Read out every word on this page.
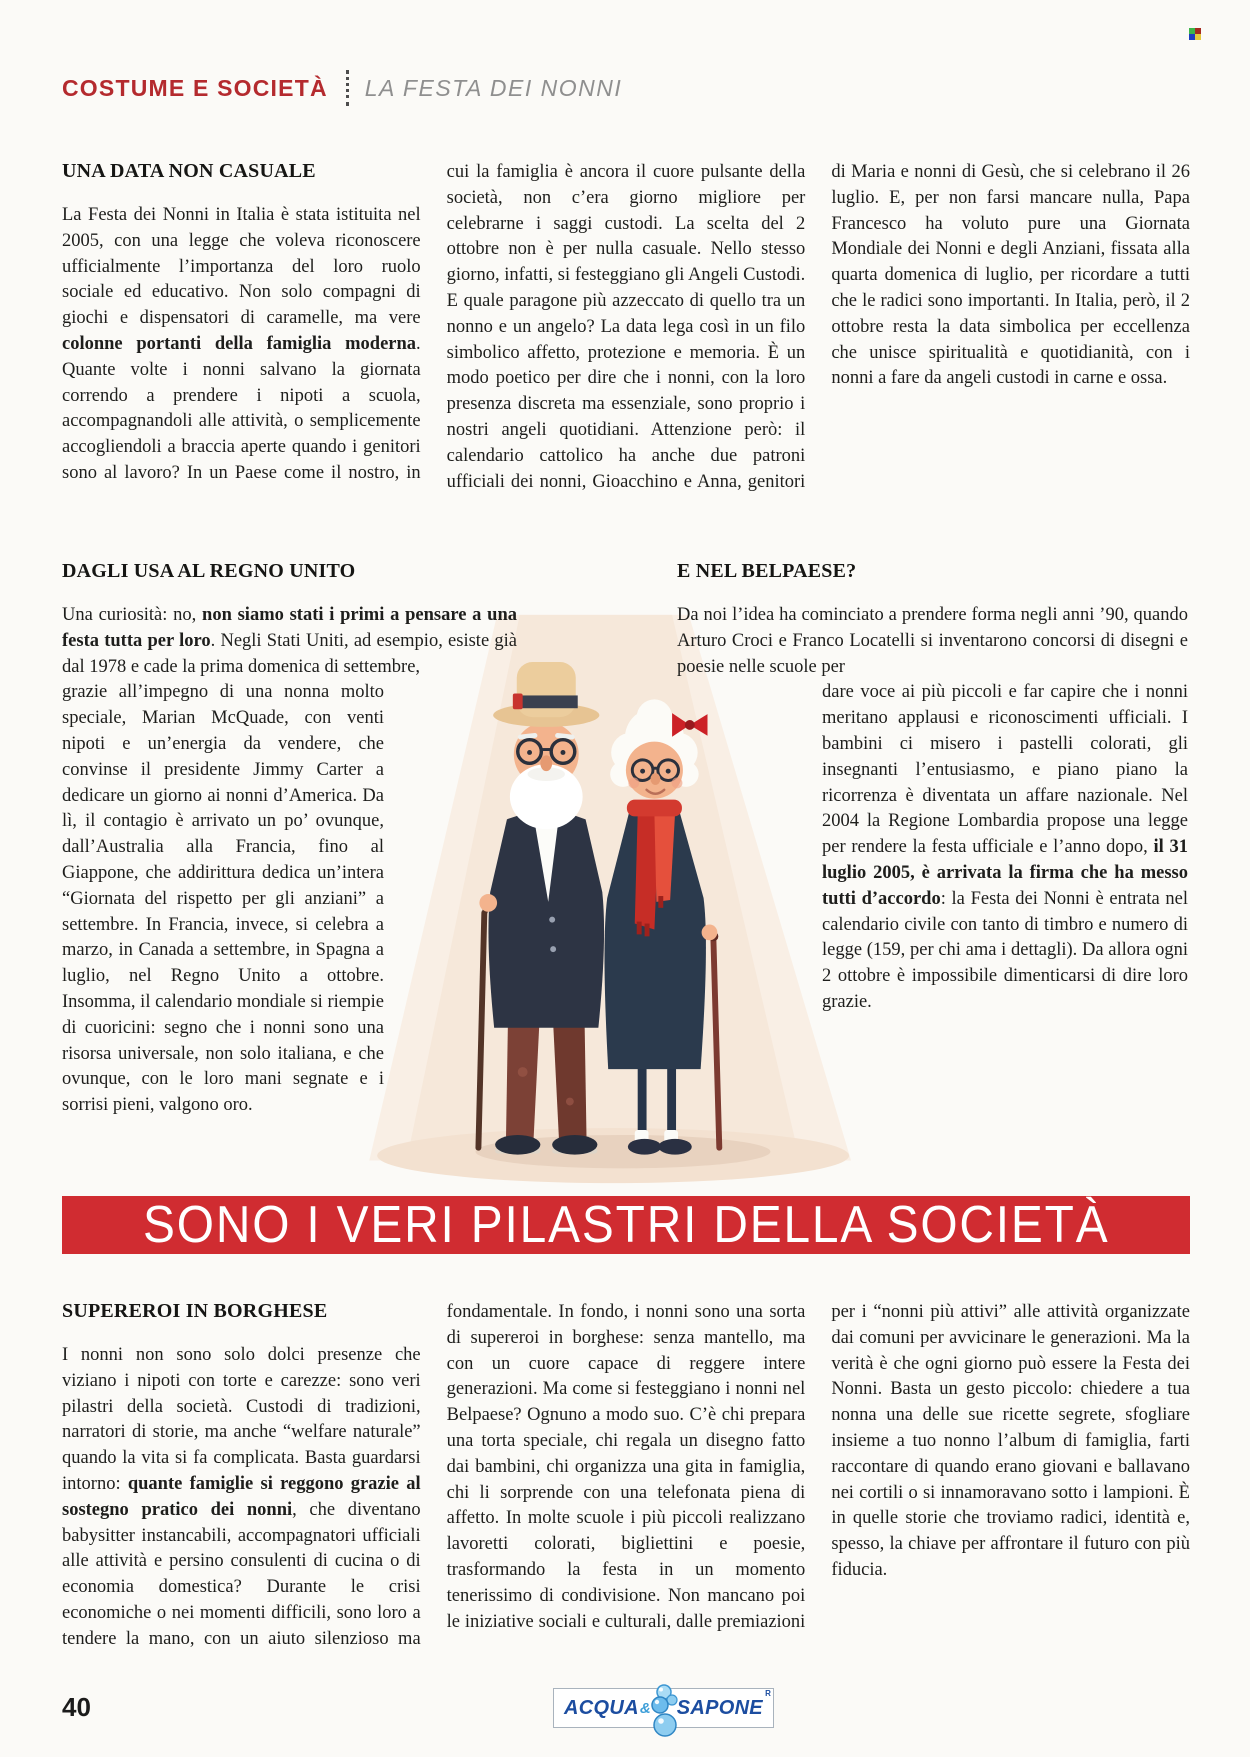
COSTUME E SOCIETÀ LA FESTA DEI NONNI
UNA DATA NON CASUALE

La Festa dei Nonni in Italia è stata istituita nel 2005, con una legge che voleva riconoscere ufficialmente l’importanza del loro ruolo sociale ed educativo. Non solo compagni di giochi e dispensatori di caramelle, ma vere colonne portanti della famiglia moderna. Quante volte i nonni salvano la giornata correndo a prendere i nipoti a scuola, accompagnandoli alle attività, o semplicemente accogliendoli a braccia aperte quando i genitori sono al lavoro? In un Paese come il nostro, in cui la famiglia è ancora il cuore pulsante della società, non c’era giorno migliore per celebrarne i saggi custodi. La scelta del 2 ottobre non è per nulla casuale. Nello stesso giorno, infatti, si festeggiano gli Angeli Custodi. E quale paragone più azzeccato di quello tra un nonno e un angelo? La data lega così in un filo simbolico affetto, protezione e memoria. È un modo poetico per dire che i nonni, con la loro presenza discreta ma essenziale, sono proprio i nostri angeli quotidiani. Attenzione però: il calendario cattolico ha anche due patroni ufficiali dei nonni, Gioacchino e Anna, genitori di Maria e nonni di Gesù, che si celebrano il 26 luglio. E, per non farsi mancare nulla, Papa Francesco ha voluto pure una Giornata Mondiale dei Nonni e degli Anziani, fissata alla quarta domenica di luglio, per ricordare a tutti che le radici sono importanti. In Italia, però, il 2 ottobre resta la data simbolica per eccellenza che unisce spiritualità e quotidianità, con i nonni a fare da angeli custodi in carne e ossa.

DAGLI USA AL REGNO UNITO

Una curiosità: no, non siamo stati i primi a pensare a una festa tutta per loro. Negli Stati Uniti, ad esempio, esiste già dal 1978 e cade la prima domenica di settembre,

grazie all’impegno di una nonna molto speciale, Marian McQuade, con venti nipoti e un’energia da vendere, che convinse il presidente Jimmy Carter a dedicare un giorno ai nonni d’America. Da lì, il contagio è arrivato un po’ ovunque, dall’Australia alla Francia, fino al Giappone, che addirittura dedica un’intera “Giornata del rispetto per gli anziani” a settembre. In Francia, invece, si celebra a marzo, in Canada a settembre, in Spagna a luglio, nel Regno Unito a ottobre. Insomma, il calendario mondiale si riempie di cuoricini: segno che i nonni sono una risorsa universale, non solo italiana, e che ovunque, con le loro mani segnate e i sorrisi pieni, valgono oro.

E NEL BELPAESE?

Da noi l’idea ha cominciato a prendere forma negli anni ’90, quando Arturo Croci e Franco Locatelli si inventarono concorsi di disegni e poesie nelle scuole per

dare voce ai più piccoli e far capire che i nonni meritano applausi e riconoscimenti ufficiali. I bambini ci misero i pastelli colorati, gli insegnanti l’entusiasmo, e piano piano la ricorrenza è diventata un affare nazionale. Nel 2004 la Regione Lombardia propose una legge per rendere la festa ufficiale e l’anno dopo, il 31 luglio 2005, è arrivata la firma che ha messo tutti d’accordo: la Festa dei Nonni è entrata nel calendario civile con tanto di timbro e numero di legge (159, per chi ama i dettagli). Da allora ogni 2 ottobre è impossibile dimenticarsi di dire loro grazie.

SONO I VERI PILASTRI DELLA SOCIETÀ
SUPEREROI IN BORGHESE

I nonni non sono solo dolci presenze che viziano i nipoti con torte e carezze: sono veri pilastri della società. Custodi di tradizioni, narratori di storie, ma anche “welfare naturale” quando la vita si fa complicata. Basta guardarsi intorno: quante famiglie si reggono grazie al sostegno pratico dei nonni, che diventano babysitter instancabili, accompagnatori ufficiali alle attività e persino consulenti di cucina o di economia domestica? Durante le crisi economiche o nei momenti difficili, sono loro a tendere la mano, con un aiuto silenzioso ma fondamentale. In fondo, i nonni sono una sorta di supereroi in borghese: senza mantello, ma con un cuore capace di reggere intere generazioni. Ma come si festeggiano i nonni nel Belpaese? Ognuno a modo suo. C’è chi prepara una torta speciale, chi regala un disegno fatto dai bambini, chi organizza una gita in famiglia, chi li sorprende con una telefonata piena di affetto. In molte scuole i più piccoli realizzano lavoretti colorati, bigliettini e poesie, trasformando la festa in un momento tenerissimo di condivisione. Non mancano poi le iniziative sociali e culturali, dalle premiazioni per i “nonni più attivi” alle attività organizzate dai comuni per avvicinare le generazioni. Ma la verità è che ogni giorno può essere la Festa dei Nonni. Basta un gesto piccolo: chiedere a tua nonna una delle sue ricette segrete, sfogliare insieme a tuo nonno l’album di famiglia, farti raccontare di quando erano giovani e ballavano nei cortili o si innamoravano sotto i lampioni. È in quelle storie che troviamo radici, identità e, spesso, la chiave per affrontare il futuro con più fiducia.

40	ACQUA & SAPONE
R
